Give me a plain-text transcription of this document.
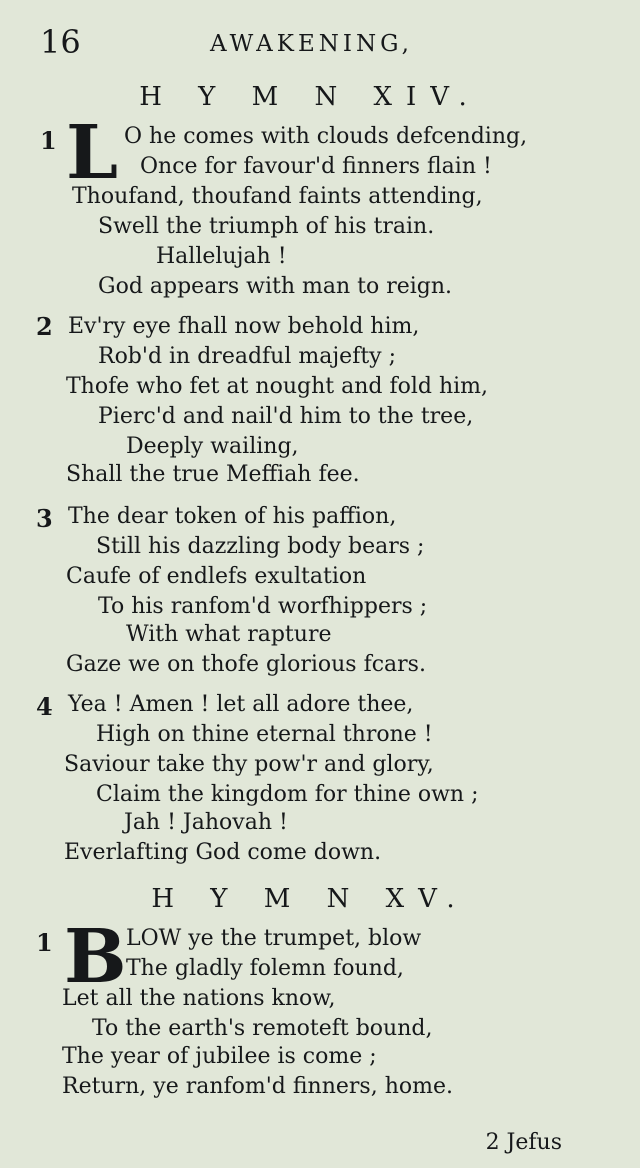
16	AWAKENING,
H Y M N XIV.
1 L O he comes with clouds defcending,
Once for favour'd finners flain !
Thoufand, thoufand faints attending,
Swell the triumph of his train.
Hallelujah !
God appears with man to reign.
2 Ev'ry eye fhall now behold him,
Rob'd in dreadful majefty ;
Thofe who fet at nought and fold him,
Pierc'd and nail'd him to the tree,
Deeply wailing,
Shall the true Meffiah fee.
3 The dear token of his paffion,
Still his dazzling body bears ;
Caufe of endlefs exultation
To his ranfom'd worfhippers ;
With what rapture
Gaze we on thofe glorious fcars.
4 Yea ! Amen ! let all adore thee,
High on thine eternal throne !
Saviour take thy pow'r and glory,
Claim the kingdom for thine own ;
Jah ! Jahovah !
Everlafting God come down.
H Y M N XV.
1 B LOW ye the trumpet, blow
The gladly folemn found,
Let all the nations know,
To the earth's remoteft bound,
The year of jubilee is come ;
Return, ye ranfom'd finners, home.
2 Jefus
